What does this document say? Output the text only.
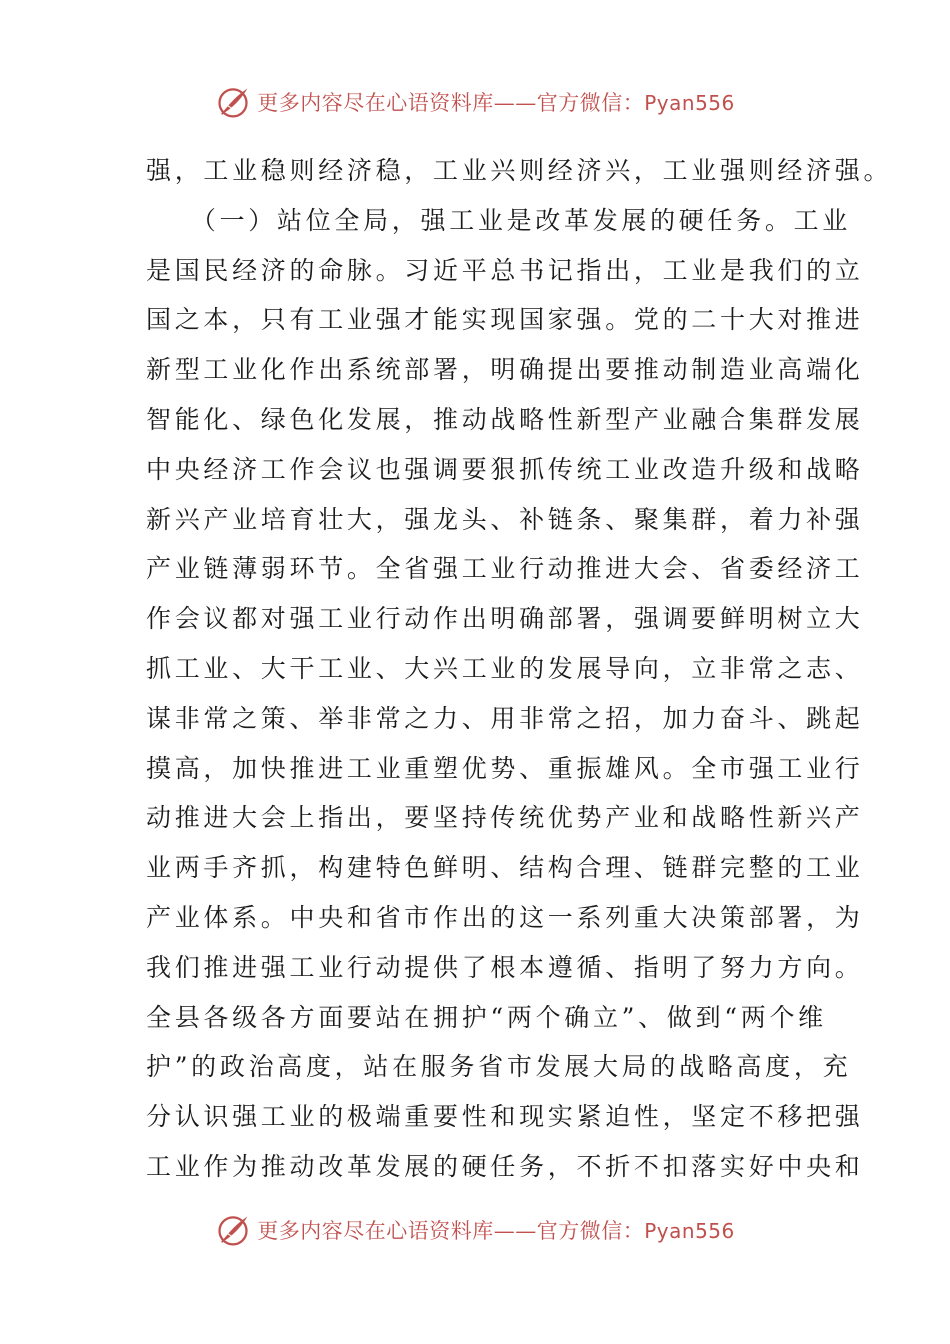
更多内容尽在心语资料库——官方微信：Pyan556
强，工业稳则经济稳，工业兴则经济兴，工业强则经济强。
　　（一）站位全局，强工业是改革发展的硬任务。工业
是国民经济的命脉。习近平总书记指出，工业是我们的立
国之本，只有工业强才能实现国家强。党的二十大对推进
新型工业化作出系统部署，明确提出要推动制造业高端化
智能化、绿色化发展，推动战略性新型产业融合集群发展
中央经济工作会议也强调要狠抓传统工业改造升级和战略
新兴产业培育壮大，强龙头、补链条、聚集群，着力补强
产业链薄弱环节。全省强工业行动推进大会、省委经济工
作会议都对强工业行动作出明确部署，强调要鲜明树立大
抓工业、大干工业、大兴工业的发展导向，立非常之志、
谋非常之策、举非常之力、用非常之招，加力奋斗、跳起
摸高，加快推进工业重塑优势、重振雄风。全市强工业行
动推进大会上指出，要坚持传统优势产业和战略性新兴产
业两手齐抓，构建特色鲜明、结构合理、链群完整的工业
产业体系。中央和省市作出的这一系列重大决策部署，为
我们推进强工业行动提供了根本遵循、指明了努力方向。
全县各级各方面要站在拥护“两个确立”、做到“两个维
护”的政治高度，站在服务省市发展大局的战略高度，充
分认识强工业的极端重要性和现实紧迫性，坚定不移把强
工业作为推动改革发展的硬任务，不折不扣落实好中央和
更多内容尽在心语资料库——官方微信：Pyan556
